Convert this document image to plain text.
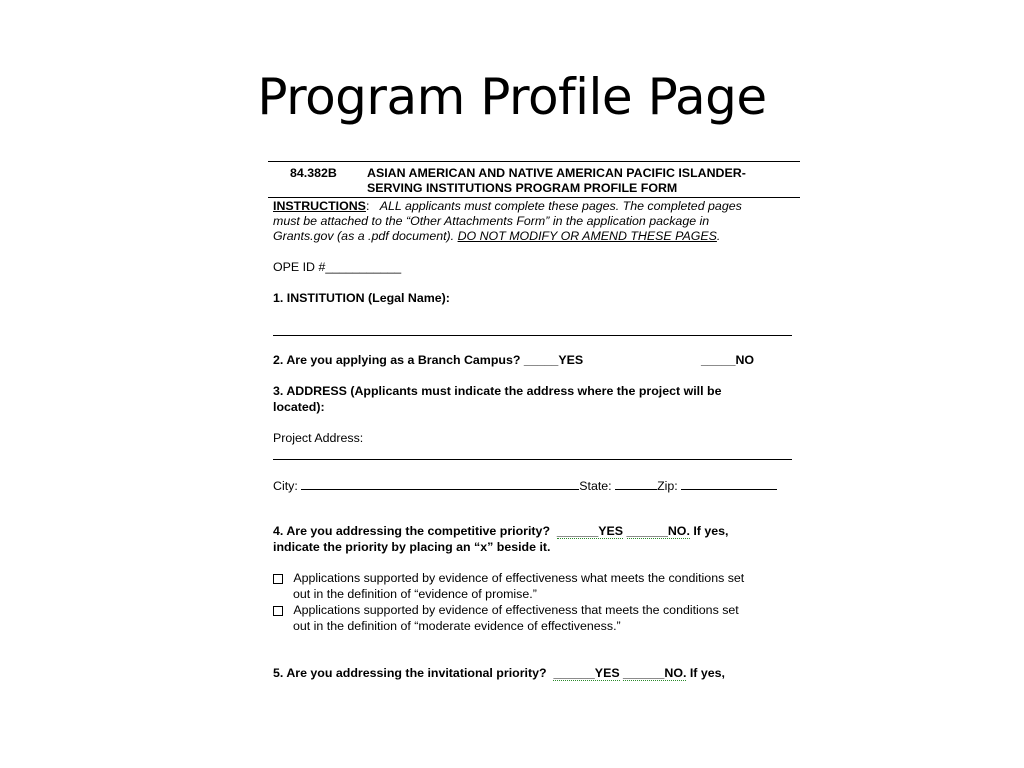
Program Profile Page
84.382B ASIAN AMERICAN AND NATIVE AMERICAN PACIFIC ISLANDER-
SERVING INSTITUTIONS PROGRAM PROFILE FORM
INSTRUCTIONS: ALL applicants must complete these pages. The completed pages
must be attached to the “Other Attachments Form” in the application package in
Grants.gov (as a .pdf document). DO NOT MODIFY OR AMEND THESE PAGES.
OPE ID #___________
1. INSTITUTION (Legal Name):
2. Are you applying as a Branch Campus? _____YES	_____NO
3. ADDRESS (Applicants must indicate the address where the project will be
located):
Project Address:
City:	State:	Zip:
4. Are you addressing the competitive priority? ______YES ______NO. If yes,
indicate the priority by placing an “x” beside it.
Applications supported by evidence of effectiveness what meets the conditions set
out in the definition of “evidence of promise.”
Applications supported by evidence of effectiveness that meets the conditions set
out in the definition of “moderate evidence of effectiveness.”
5. Are you addressing the invitational priority? ______YES ______NO. If yes,
